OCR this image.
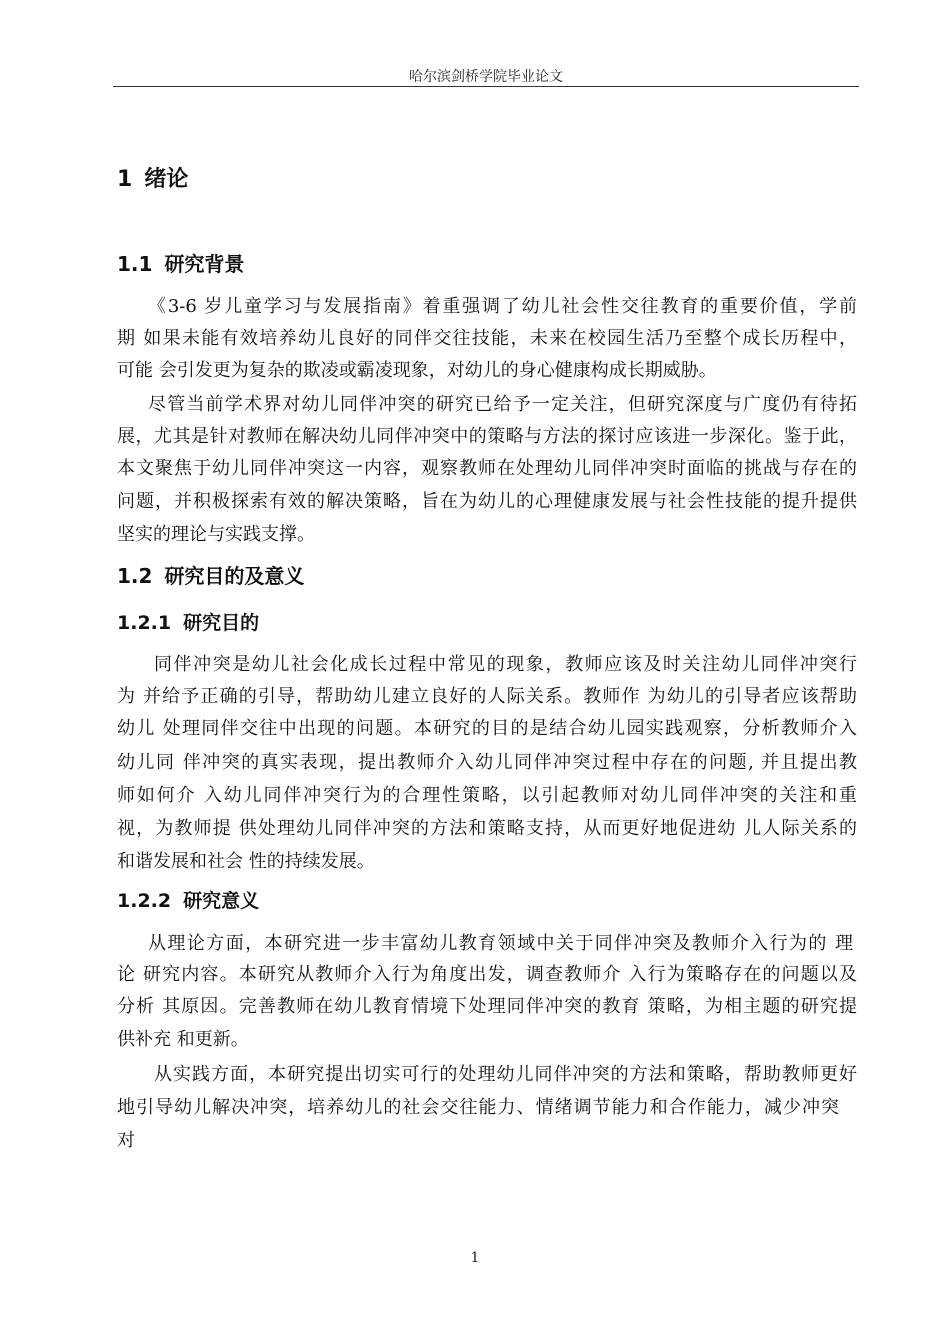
哈尔滨剑桥学院毕业论文
1 绪论
1.1 研究背景
《3-6 岁儿童学习与发展指南》着重强调了幼儿社会性交往教育的重要价值，学前
期 如果未能有效培养幼儿良好的同伴交往技能，未来在校园生活乃至整个成长历程中，
可能 会引发更为复杂的欺凌或霸凌现象，对幼儿的身心健康构成长期威胁。
尽管当前学术界对幼儿同伴冲突的研究已给予一定关注，但研究深度与广度仍有待拓
展，尤其是针对教师在解决幼儿同伴冲突中的策略与方法的探讨应该进一步深化。鉴于此，
本文聚焦于幼儿同伴冲突这一内容，观察教师在处理幼儿同伴冲突时面临的挑战与存在的
问题，并积极探索有效的解决策略，旨在为幼儿的心理健康发展与社会性技能的提升提供
坚实的理论与实践支撑。
1.2 研究目的及意义
1.2.1 研究目的
同伴冲突是幼儿社会化成长过程中常见的现象，教师应该及时关注幼儿同伴冲突行
为 并给予正确的引导，帮助幼儿建立良好的人际关系。教师作 为幼儿的引导者应该帮助
幼儿 处理同伴交往中出现的问题。本研究的目的是结合幼儿园实践观察，分析教师介入
幼儿同 伴冲突的真实表现，提出教师介入幼儿同伴冲突过程中存在的问题, 并且提出教
师如何介 入幼儿同伴冲突行为的合理性策略，以引起教师对幼儿同伴冲突的关注和重
视，为教师提 供处理幼儿同伴冲突的方法和策略支持，从而更好地促进幼 儿人际关系的
和谐发展和社会 性的持续发展。
1.2.2 研究意义
从理论方面，本研究进一步丰富幼儿教育领域中关于同伴冲突及教师介入行为的 理
论 研究内容。本研究从教师介入行为角度出发，调查教师介 入行为策略存在的问题以及
分析 其原因。完善教师在幼儿教育情境下处理同伴冲突的教育 策略，为相主题的研究提
供补充 和更新。
从实践方面，本研究提出切实可行的处理幼儿同伴冲突的方法和策略，帮助教师更好
地引导幼儿解决冲突，培养幼儿的社会交往能力、情绪调节能力和合作能力，减少冲突
对
1
